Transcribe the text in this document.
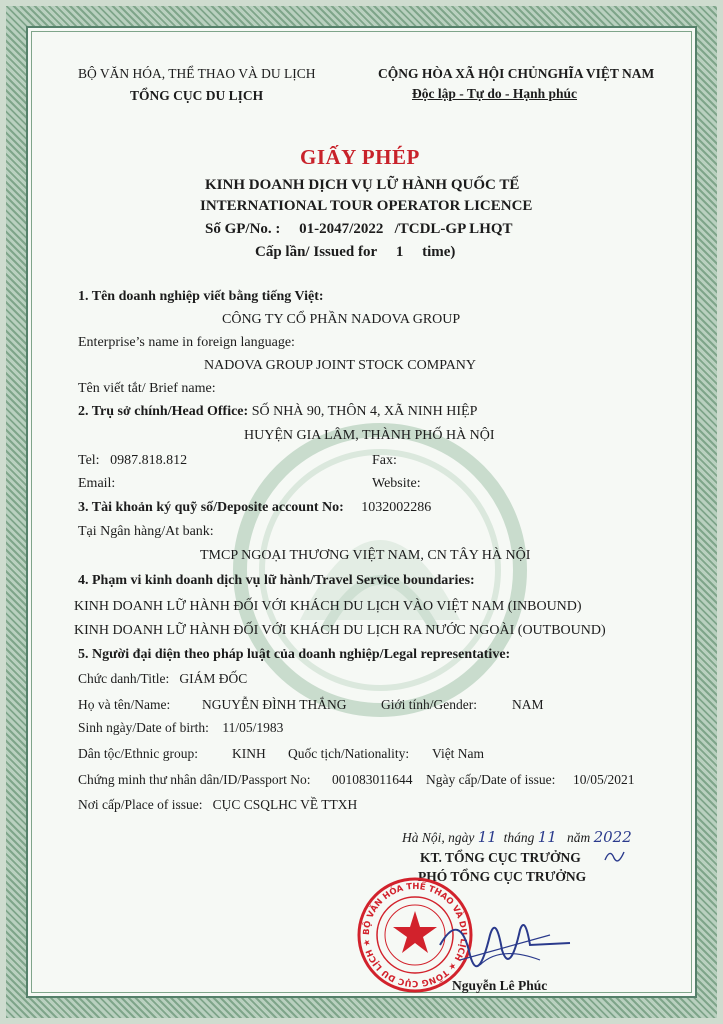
BỘ VĂN HÓA, THỂ THAO VÀ DU LỊCH
TỔNG CỤC DU LỊCH
CỘNG HÒA XÃ HỘI CHỦNGHĨA VIỆT NAM
Độc lập - Tự do - Hạnh phúc
GIẤY PHÉP
KINH DOANH DỊCH VỤ LỮ HÀNH QUỐC TẾ
INTERNATIONAL TOUR OPERATOR LICENCE
Số GP/No. : 01-2047/2022 /TCDL-GP LHQT
Cấp lần/ Issued for 1 time)
1. Tên doanh nghiệp viết bằng tiếng Việt:
CÔNG TY CỔ PHẦN NADOVA GROUP
Enterprise’s name in foreign language:
NADOVA GROUP JOINT STOCK COMPANY
Tên viết tắt/ Brief name:
2. Trụ sở chính/Head Office: SỐ NHÀ 90, THÔN 4, XÃ NINH HIỆP
HUYỆN GIA LÂM, THÀNH PHỐ HÀ NỘI
Tel: 0987.818.812	Fax:
Email:	Website:
3. Tài khoản ký quỹ số/Deposite account No: 1032002286
Tại Ngân hàng/At bank:
TMCP NGOẠI THƯƠNG VIỆT NAM, CN TÂY HÀ NỘI
4. Phạm vi kinh doanh dịch vụ lữ hành/Travel Service boundaries:
KINH DOANH LỮ HÀNH ĐỐI VỚI KHÁCH DU LỊCH VÀO VIỆT NAM (INBOUND)
KINH DOANH LỮ HÀNH ĐỐI VỚI KHÁCH DU LỊCH RA NƯỚC NGOÀI (OUTBOUND)
5. Người đại diện theo pháp luật của doanh nghiệp/Legal representative:
Chức danh/Title: GIÁM ĐỐC
Họ và tên/Name: NGUYỄN ĐÌNH THẮNG	Giới tính/Gender:	NAM
Sinh ngày/Date of birth: 11/05/1983
Dân tộc/Ethnic group:	KINH Quốc tịch/Nationality: Việt Nam
Chứng minh thư nhân dân/ID/Passport No: 001083011644 Ngày cấp/Date of issue: 10/05/2021
Nơi cấp/Place of issue: CỤC CSQLHC VỀ TTXH
Hà Nội, ngày 11 tháng 11 năm 2022
KT. TỔNG CỤC TRƯỞNG
PHÓ TỔNG CỤC TRƯỞNG
BỘ VĂN HÓA THỂ THAO VÀ DU LỊCH ★ TỔNG CỤC DU LỊCH ★
Nguyễn Lê Phúc
